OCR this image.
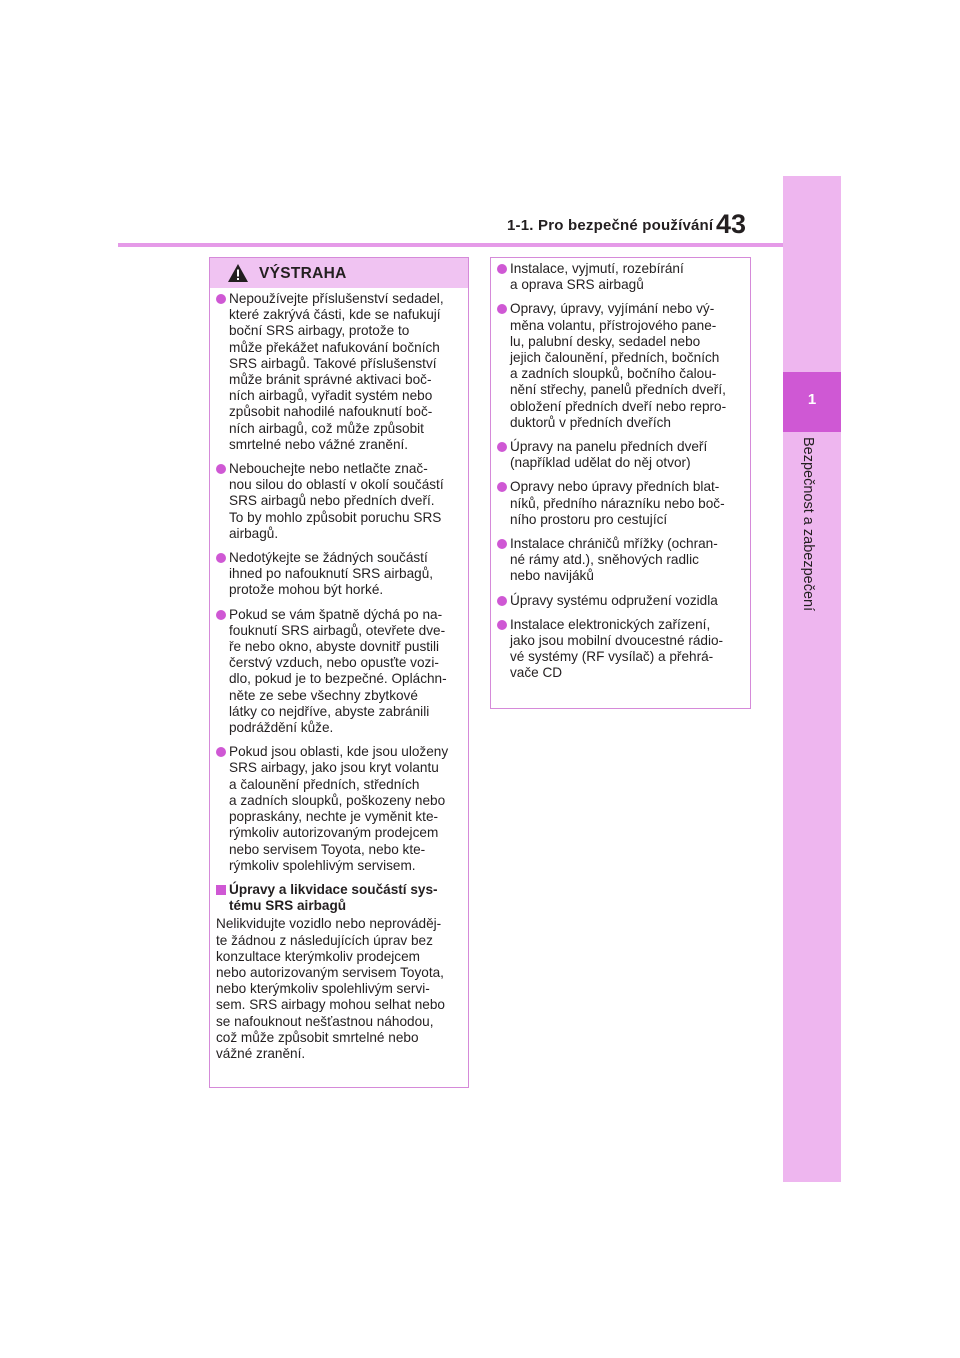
1-1. Pro bezpečné používání 43
1
Bezpečnost a zabezpečení
VÝSTRAHA
Nepoužívejte příslušenství sedadel,
které zakrývá části, kde se nafukují
boční SRS airbagy, protože to
může překážet nafukování bočních
SRS airbagů. Takové příslušenství
může bránit správné aktivaci boč-
ních airbagů, vyřadit systém nebo
způsobit nahodilé nafouknutí boč-
ních airbagů, což může způsobit
smrtelné nebo vážné zranění.
Nebouchejte nebo netlačte znač-
nou silou do oblastí v okolí součástí
SRS airbagů nebo předních dveří.
To by mohlo způsobit poruchu SRS
airbagů.
Nedotýkejte se žádných součástí
ihned po nafouknutí SRS airbagů,
protože mohou být horké.
Pokud se vám špatně dýchá po na-
fouknutí SRS airbagů, otevřete dve-
ře nebo okno, abyste dovnitř pustili
čerstvý vzduch, nebo opusťte vozi-
dlo, pokud je to bezpečné. Opláchn-
něte ze sebe všechny zbytkové
látky co nejdříve, abyste zabránili
podráždění kůže.
Pokud jsou oblasti, kde jsou uloženy
SRS airbagy, jako jsou kryt volantu
a čalounění předních, středních
a zadních sloupků, poškozeny nebo
popraskány, nechte je vyměnit kte-
rýmkoliv autorizovaným prodejcem
nebo servisem Toyota, nebo kte-
rýmkoliv spolehlivým servisem.
Úpravy a likvidace součástí sys-
tému SRS airbagů
Nelikvidujte vozidlo nebo neprováděj-
te žádnou z následujících úprav bez
konzultace kterýmkoliv prodejcem
nebo autorizovaným servisem Toyota,
nebo kterýmkoliv spolehlivým servi-
sem. SRS airbagy mohou selhat nebo
se nafouknout nešťastnou náhodou,
což může způsobit smrtelné nebo
vážné zranění.
Instalace, vyjmutí, rozebírání
a oprava SRS airbagů
Opravy, úpravy, vyjímání nebo vý-
měna volantu, přístrojového pane-
lu, palubní desky, sedadel nebo
jejich čalounění, předních, bočních
a zadních sloupků, bočního čalou-
nění střechy, panelů předních dveří,
obložení předních dveří nebo repro-
duktorů v předních dveřích
Úpravy na panelu předních dveří
(například udělat do něj otvor)
Opravy nebo úpravy předních blat-
níků, předního nárazníku nebo boč-
ního prostoru pro cestující
Instalace chráničů mřížky (ochran-
né rámy atd.), sněhových radlic
nebo navijáků
Úpravy systému odpružení vozidla
Instalace elektronických zařízení,
jako jsou mobilní dvoucestné rádio-
vé systémy (RF vysílač) a přehrá-
vače CD
